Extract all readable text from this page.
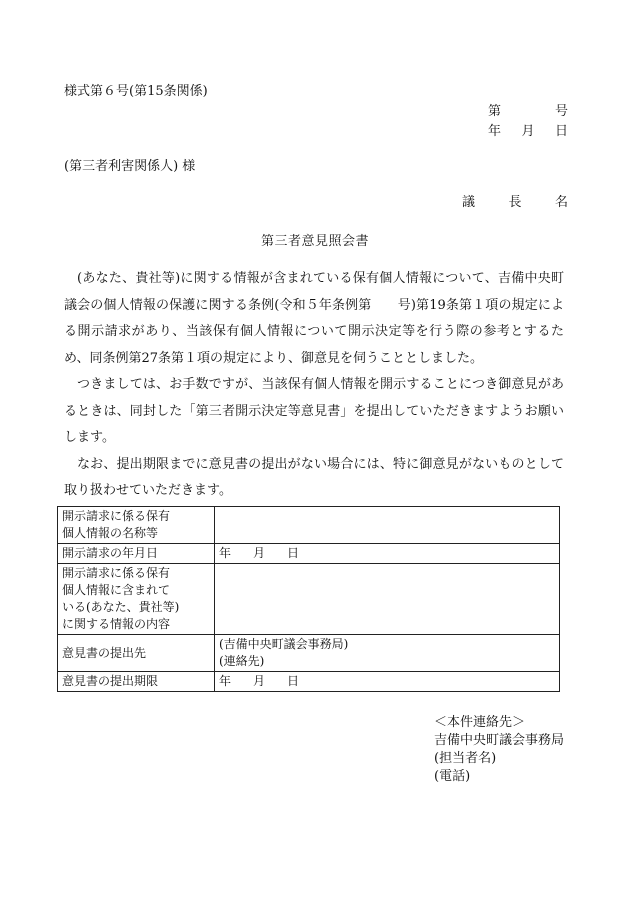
様式第６号(第15条関係)
第	号
年 月 日
(第三者利害関係人) 様
議	長	名
第三者意見照会書

(あなた、貴社等)に関する情報が含まれている保有個人情報について、吉備中央町議会の個人情報の保護に関する条例(令和５年条例第　　号)第19条第１項の規定による開示請求があり、当該保有個人情報について開示決定等を行う際の参考とするため、同条例第27条第１項の規定により、御意見を伺うこととしました。

つきましては、お手数ですが、当該保有個人情報を開示することにつき御意見があるときは、同封した「第三者開示決定等意見書」を提出していただきますようお願いします。

なお、提出期限までに意見書の提出がない場合には、特に御意見がないものとして取り扱わせていただきます。

開示請求に係る保有
個人情報の名称等	
開示請求の年月日	年 月 日
開示請求に係る保有
個人情報に含まれて
いる(あなた、貴社等)
に関する情報の内容	
意見書の提出先	(吉備中央町議会事務局)
(連絡先)

意見書の提出期限	年 月 日
＜本件連絡先＞
吉備中央町議会事務局
(担当者名)
(電話)
